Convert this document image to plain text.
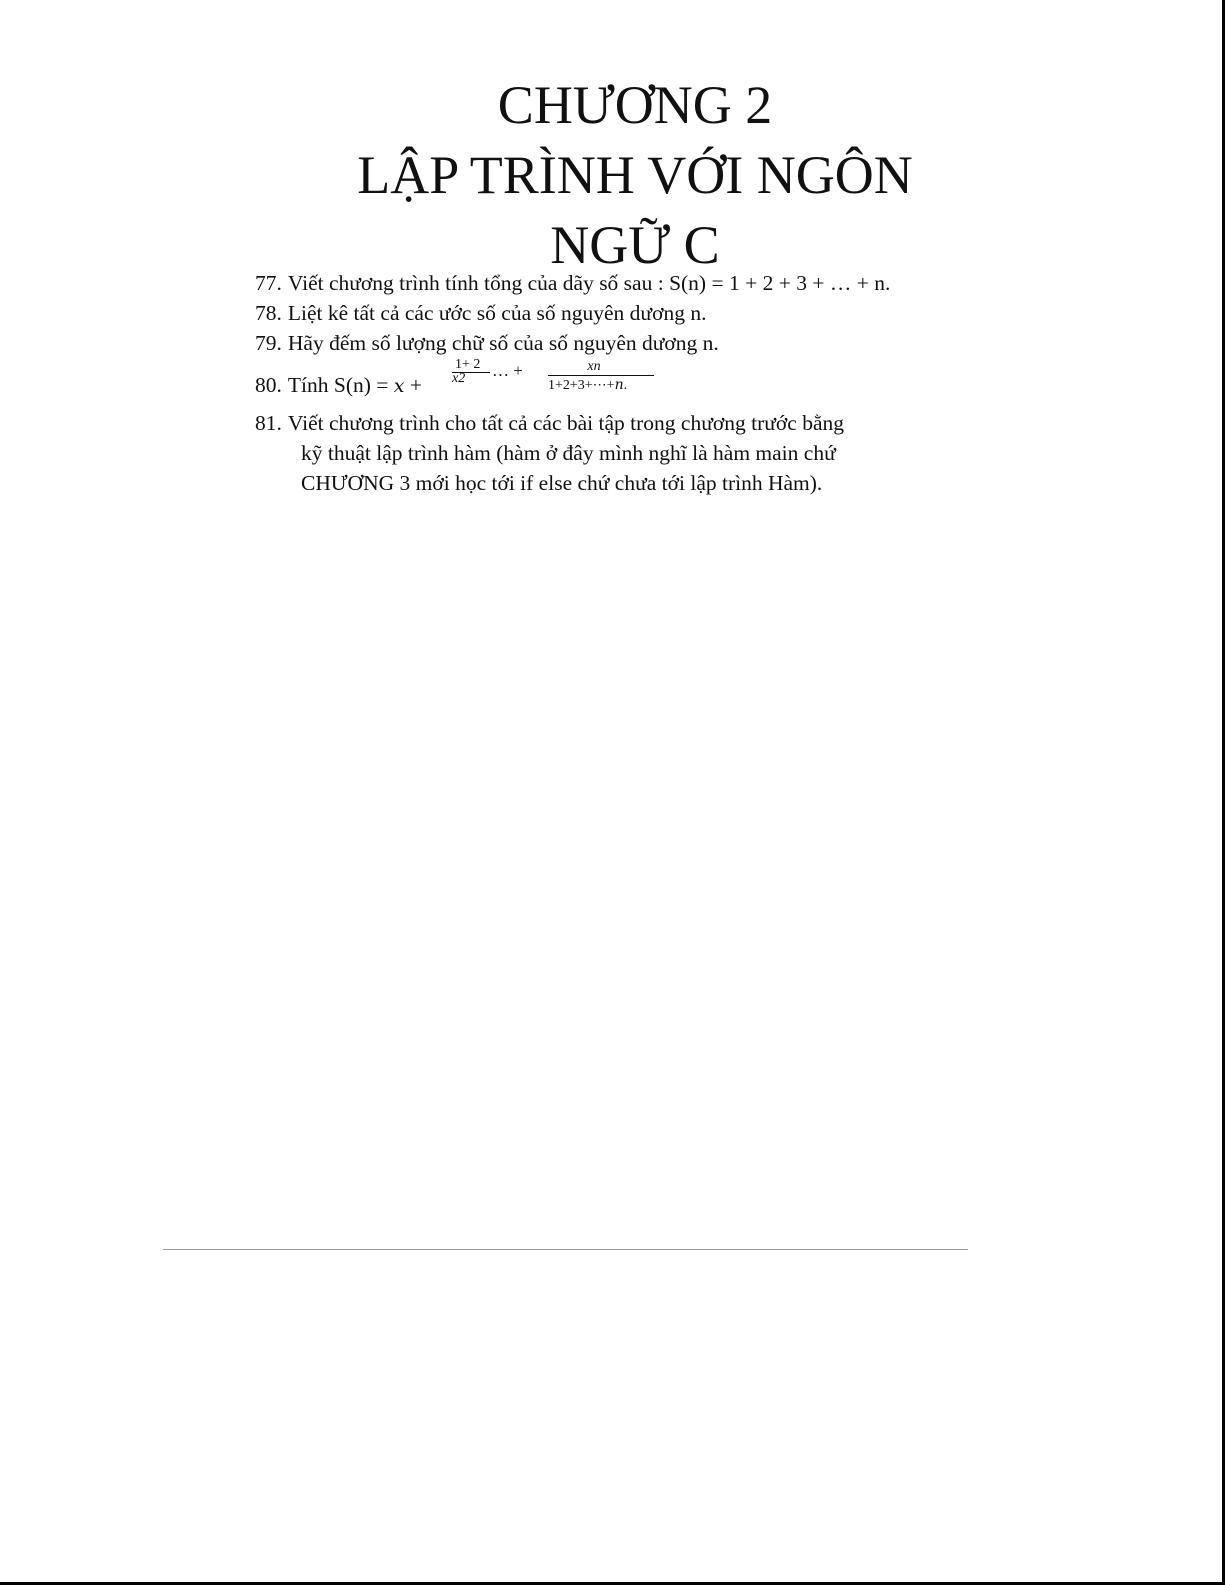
CHƯƠNG 2
LẬP TRÌNH VỚI NGÔN
NGỮ C
77. Viết chương trình tính tổng của dãy số sau : S(n) = 1 + 2 + 3 + … + n.
78. Liệt kê tất cả các ước số của số nguyên dương n.
79. Hãy đếm số lượng chữ số của số nguyên dương n.
80. Tính S(n) = 𝑥 +
1+ 2
x2 … +	xn
1+2+3+⋯+𝑛.
81. Viết chương trình cho tất cả các bài tập trong chương trước bằng
kỹ thuật lập trình hàm (hàm ở đây mình nghĩ là hàm main chứ
CHƯƠNG 3 mới học tới if else chứ chưa tới lập trình Hàm).
